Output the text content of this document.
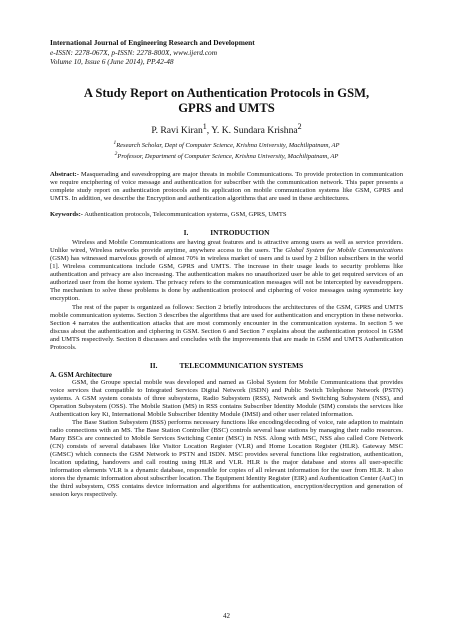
International Journal of Engineering Research and Development
e-ISSN: 2278-067X, p-ISSN: 2278-800X, www.ijerd.com
Volume 10, Issue 6 (June 2014), PP.42-48
A Study Report on Authentication Protocols in GSM,
GPRS and UMTS
P. Ravi Kiran$^1$, Y. K. Sundara Krishna$^2$
$^1$Research Scholar, Dept of Computer Science, Krishna University, Machilipatnam, AP
$^2$Professor, Department of Computer Science, Krishna University, Machilipatnam, AP
Abstract:- Masquerading and eavesdropping are major threats in mobile Communications. To provide protection in communication we require enciphering of voice message and authentication for subscriber with the communication network. This paper presents a complete study report on authentication protocols and its application on mobile communication systems like GSM, GPRS and UMTS. In addition, we describe the Encryption and authentication algorithms that are used in these architectures.
Keywords:- Authentication protocols, Telecommunication systems, GSM, GPRS, UMTS
I.	INTRODUCTION

Wireless and Mobile Communications are having great features and is attractive among users as well as service providers. Unlike wired, Wireless networks provide anytime, anywhere access to the users. The Global System for Mobile Communications (GSM) has witnessed marvelous growth of almost 70% in wireless market of users and is used by 2 billion subscribers in the world [1]. Wireless communications include GSM, GPRS and UMTS. The increase in their usage leads to security problems like authentication and privacy are also increasing. The authentication makes no unauthorized user be able to get required services of an authorized user from the home system. The privacy refers to the communication messages will not be intercepted by eavesdroppers. The mechanism to solve these problems is done by authentication protocol and ciphering of voice messages using symmetric key encryption.

The rest of the paper is organized as follows: Section 2 briefly introduces the architectures of the GSM, GPRS and UMTS mobile communication systems. Section 3 describes the algorithms that are used for authentication and encryption in these networks. Section 4 narrates the authentication attacks that are most commonly encounter in the communication systems. In section 5 we discuss about the authentication and ciphering in GSM. Section 6 and Section 7 explains about the authentication protocol in GSM and UMTS respectively. Section 8 discusses and concludes with the improvements that are made in GSM and UMTS Authentication Protocols.

II.	TELECOMMUNICATION SYSTEMS
A. GSM Architecture

GSM, the Groupe special mobile was developed and named as Global System for Mobile Communications that provides voice services that compatible to Integrated Services Digital Network (ISDN) and Public Switch Telephone Network (PSTN) systems. A GSM system consists of three subsystems, Radio Subsystem (RSS), Network and Switching Subsystem (NSS), and Operation Subsystem (OSS). The Mobile Station (MS) in RSS contains Subscriber Identity Module (SIM) consists the services like Authentication key Ki, International Mobile Subscriber Identity Module (IMSI) and other user related information.

The Base Station Subsystem (BSS) performs necessary functions like encoding/decoding of voice, rate adaption to maintain radio connections with an MS. The Base Station Controller (BSC) controls several base stations by managing their radio resources. Many BSCs are connected to Mobile Services Switching Center (MSC) in NSS. Along with MSC, NSS also called Core Network (CN) consists of several databases like Visitor Location Register (VLR) and Home Location Register (HLR). Gateway MSC (GMSC) which connects the GSM Network to PSTN and ISDN. MSC provides several functions like registration, authentication, location updating, handovers and call routing using HLR and VLR. HLR is the major database and stores all user-specific information elements VLR is a dynamic database, responsible for copies of all relevant information for the user from HLR. It also stores the dynamic information about subscriber location. The Equipment Identity Register (EIR) and Authentication Center (AuC) in the third subsystem, OSS contains device information and algorithms for authentication, encryption/decryption and generation of session keys respectively.

42
